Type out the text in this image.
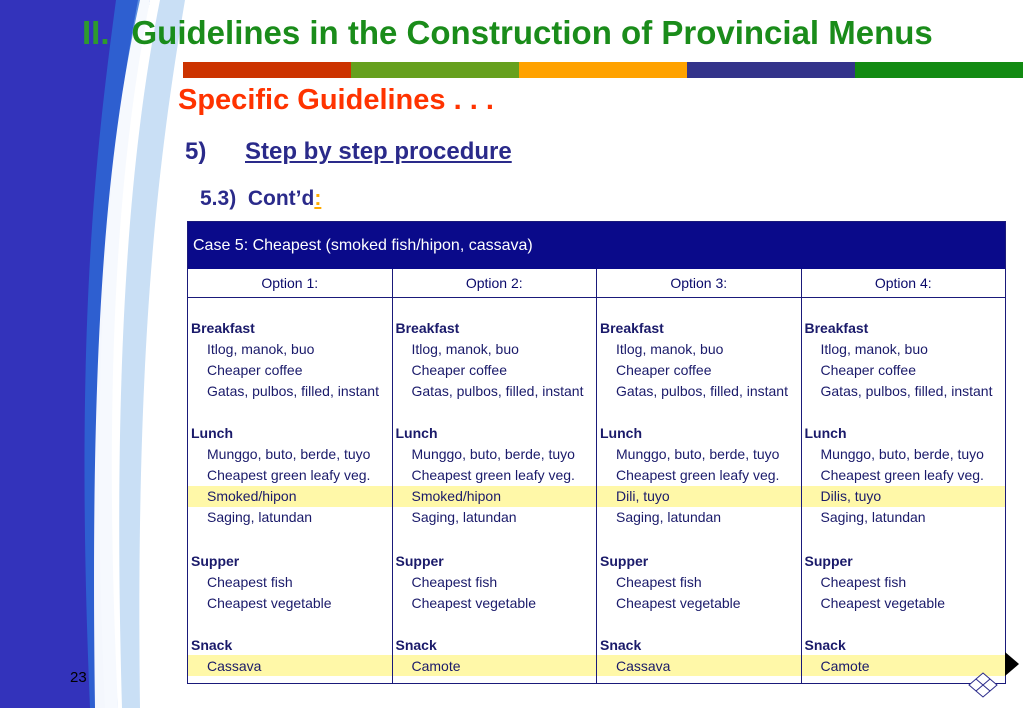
II. Guidelines in the Construction of Provincial Menus
Specific Guidelines . . .
5) Step by step procedure
5.3) Cont’d:
Case 5: Cheapest (smoked fish/hipon, cassava)
Option 1:
Breakfast
Itlog, manok, buo
Cheaper coffee
Gatas, pulbos, filled, instant
Lunch
Munggo, buto, berde, tuyo
Cheapest green leafy veg.
Smoked/hipon
Saging, latundan
Supper
Cheapest fish
Cheapest vegetable
Snack
Cassava
Option 2:
Breakfast
Itlog, manok, buo
Cheaper coffee
Gatas, pulbos, filled, instant
Lunch
Munggo, buto, berde, tuyo
Cheapest green leafy veg.
Smoked/hipon
Saging, latundan
Supper
Cheapest fish
Cheapest vegetable
Snack
Camote
Option 3:
Breakfast
Itlog, manok, buo
Cheaper coffee
Gatas, pulbos, filled, instant
Lunch
Munggo, buto, berde, tuyo
Cheapest green leafy veg.
Dili, tuyo
Saging, latundan
Supper
Cheapest fish
Cheapest vegetable
Snack
Cassava
Option 4:
Breakfast
Itlog, manok, buo
Cheaper coffee
Gatas, pulbos, filled, instant
Lunch
Munggo, buto, berde, tuyo
Cheapest green leafy veg.
Dilis, tuyo
Saging, latundan
Supper
Cheapest fish
Cheapest vegetable
Snack
Camote
23
